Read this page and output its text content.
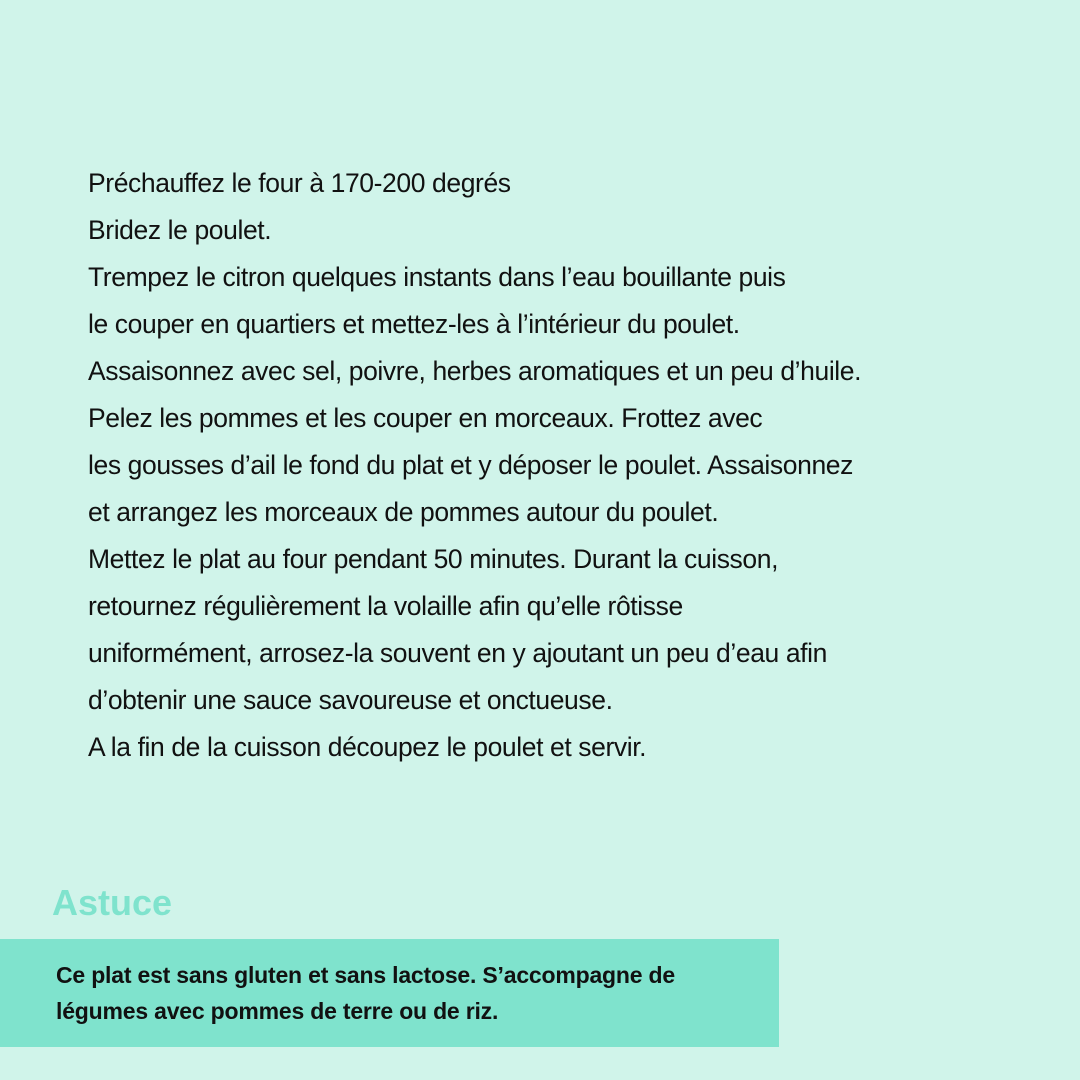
Préchauffez le four à 170-200 degrés
Bridez le poulet.
Trempez le citron quelques instants dans l’eau bouillante puis
le couper en quartiers et mettez-les à l’intérieur du poulet.
Assaisonnez avec sel, poivre, herbes aromatiques et un peu d’huile.
Pelez les pommes et les couper en morceaux. Frottez avec
les gousses d’ail le fond du plat et y déposer le poulet. Assaisonnez
et arrangez les morceaux de pommes autour du poulet.
Mettez le plat au four pendant 50 minutes. Durant la cuisson,
retournez régulièrement la volaille afin qu’elle rôtisse
uniformément, arrosez-la souvent en y ajoutant un peu d’eau afin
d’obtenir une sauce savoureuse et onctueuse.
A la fin de la cuisson découpez le poulet et servir.
Astuce

Ce plat est sans gluten et sans lactose. S’accompagne de
légumes avec pommes de terre ou de riz.
